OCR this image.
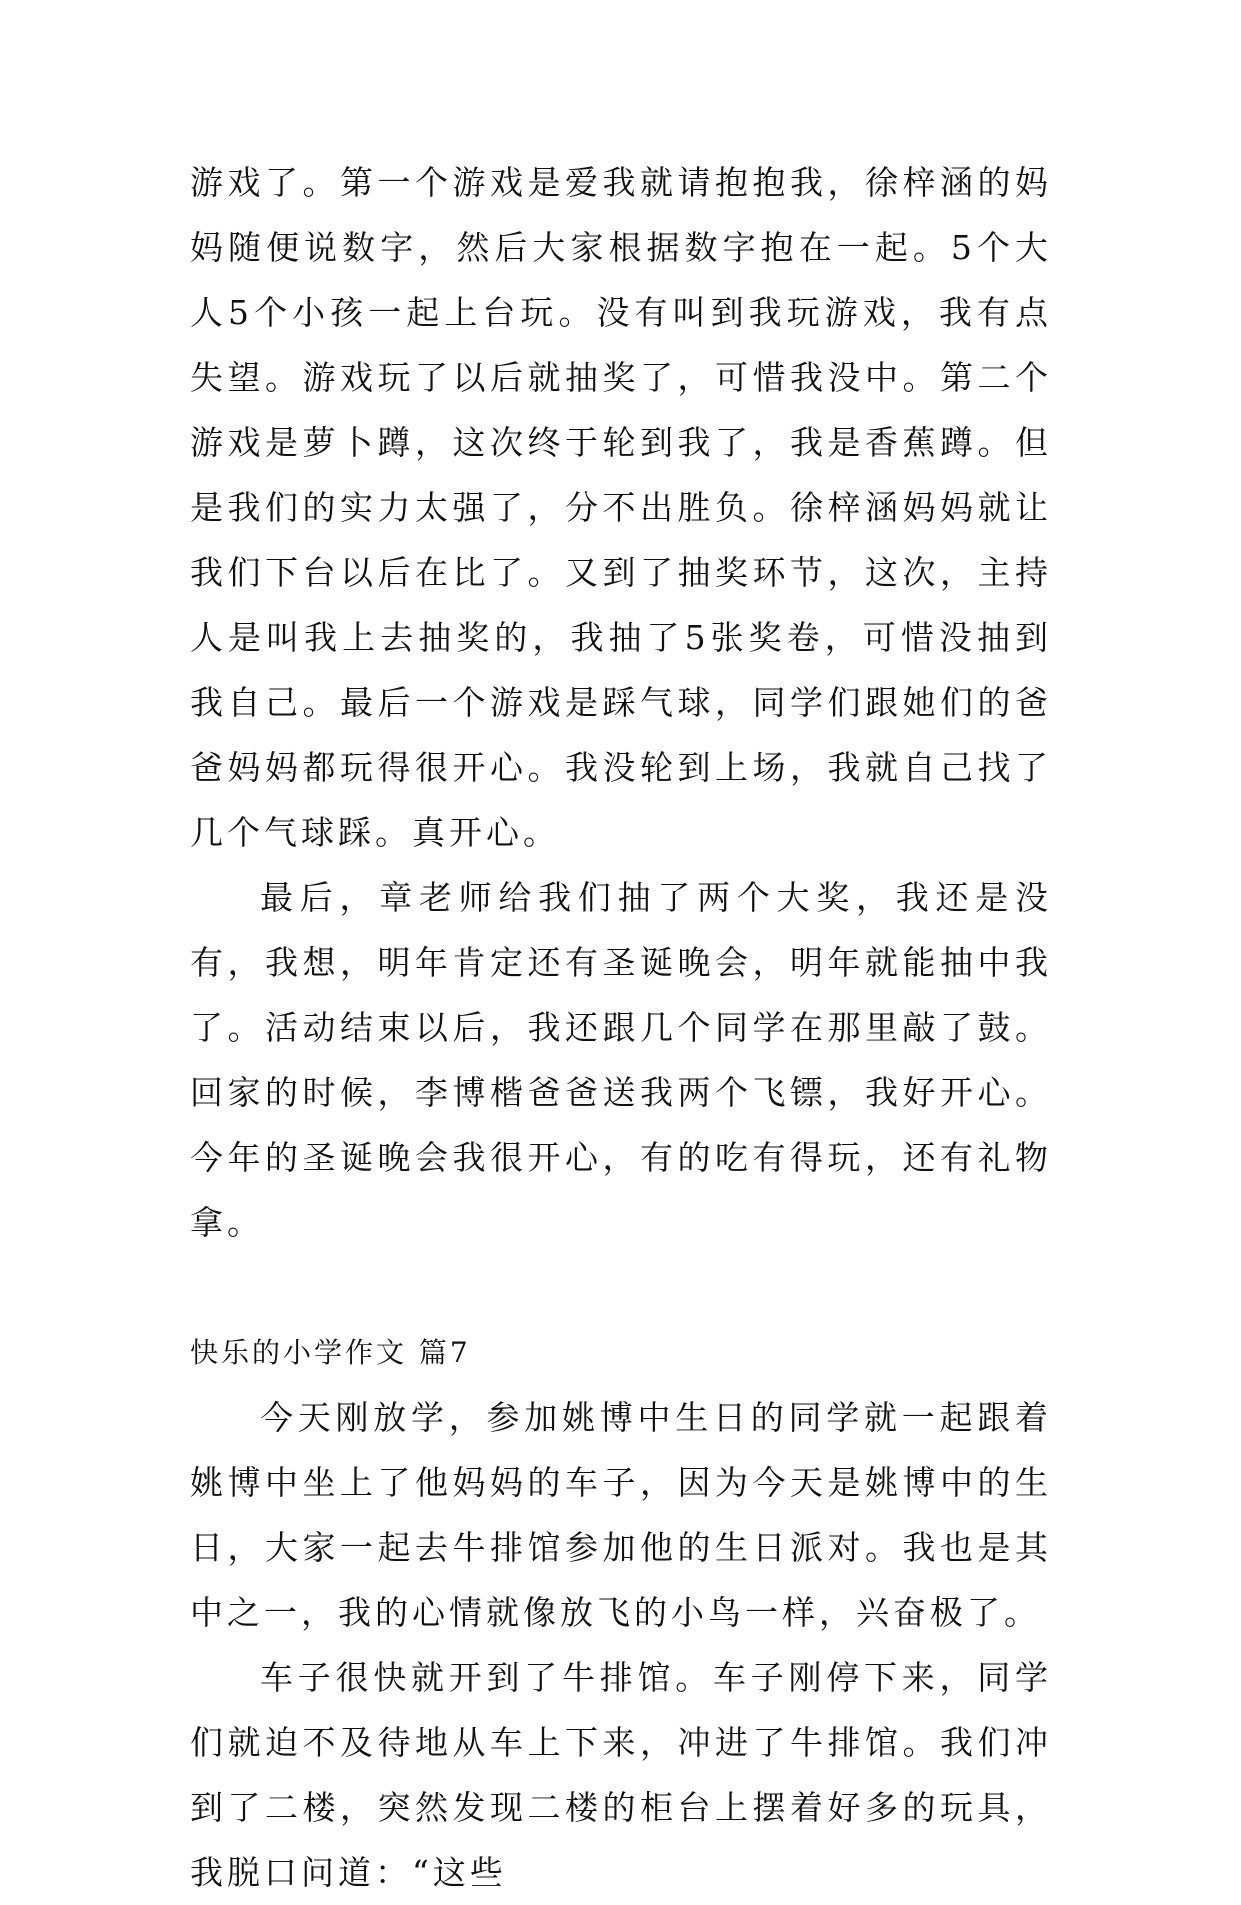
游戏了。第一个游戏是爱我就请抱抱我，徐梓涵的妈妈随便说数字，然后大家根据数字抱在一起。5个大人5个小孩一起上台玩。没有叫到我玩游戏，我有点失望。游戏玩了以后就抽奖了，可惜我没中。第二个游戏是萝卜蹲，这次终于轮到我了，我是香蕉蹲。但是我们的实力太强了，分不出胜负。徐梓涵妈妈就让我们下台以后在比了。又到了抽奖环节，这次，主持人是叫我上去抽奖的，我抽了5张奖卷，可惜没抽到我自己。最后一个游戏是踩气球，同学们跟她们的爸爸妈妈都玩得很开心。我没轮到上场，我就自己找了几个气球踩。真开心。

最后，章老师给我们抽了两个大奖，我还是没有，我想，明年肯定还有圣诞晚会，明年就能抽中我了。活动结束以后，我还跟几个同学在那里敲了鼓。回家的时候，李博楷爸爸送我两个飞镖，我好开心。今年的圣诞晚会我很开心，有的吃有得玩，还有礼物拿。

快乐的小学作文 篇7

今天刚放学，参加姚博中生日的同学就一起跟着姚博中坐上了他妈妈的车子，因为今天是姚博中的生日，大家一起去牛排馆参加他的生日派对。我也是其中之一，我的心情就像放飞的小鸟一样，兴奋极了。

车子很快就开到了牛排馆。车子刚停下来，同学们就迫不及待地从车上下来，冲进了牛排馆。我们冲到了二楼，突然发现二楼的柜台上摆着好多的玩具，我脱口问道：“这些
